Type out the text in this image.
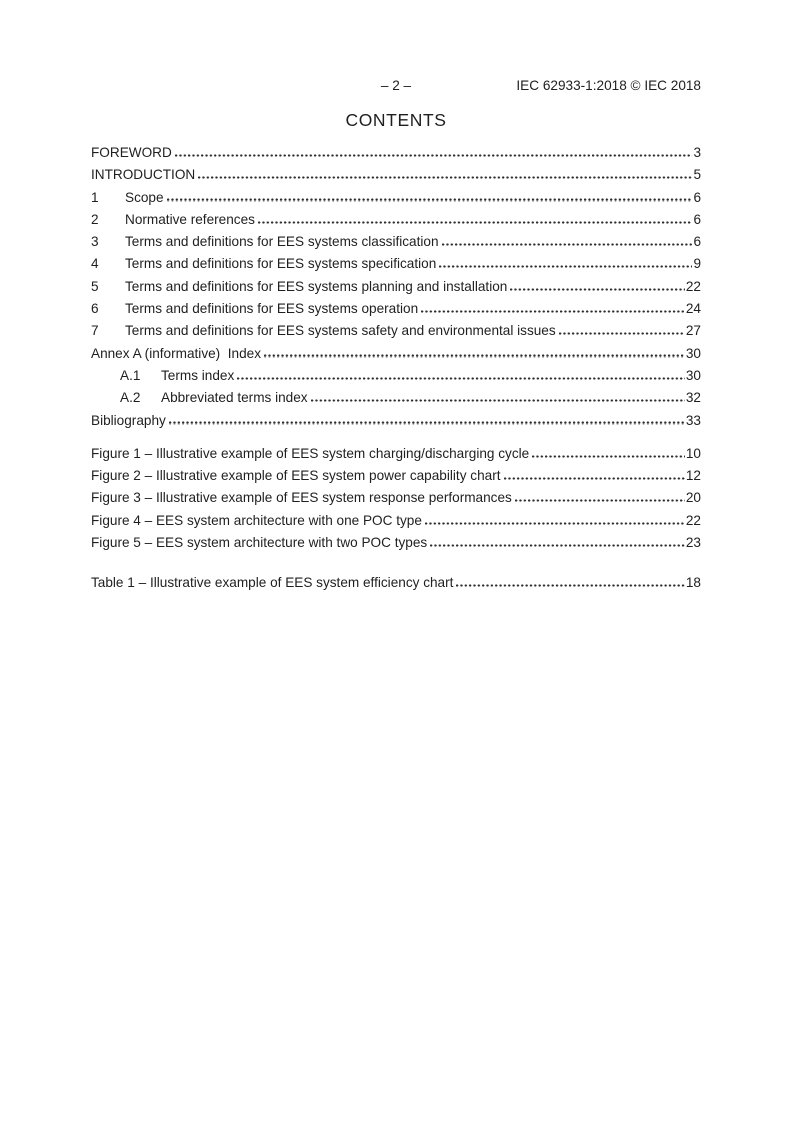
– 2 –	IEC 62933-1:2018 © IEC 2018
CONTENTS
FOREWORD	3
INTRODUCTION	5
1	Scope	6
2	Normative references	6
3	Terms and definitions for EES systems classification	6
4	Terms and definitions for EES systems specification	9
5	Terms and definitions for EES systems planning and installation	22
6	Terms and definitions for EES systems operation	24
7	Terms and definitions for EES systems safety and environmental issues	27
Annex A (informative)  Index	30
A.1	Terms index	30
A.2	Abbreviated terms index	32
Bibliography	33
Figure 1 – Illustrative example of EES system charging/discharging cycle	10
Figure 2 – Illustrative example of EES system power capability chart	12
Figure 3 – Illustrative example of EES system response performances	20
Figure 4 – EES system architecture with one POC type	22
Figure 5 – EES system architecture with two POC types	23
Table 1 – Illustrative example of EES system efficiency chart	18
